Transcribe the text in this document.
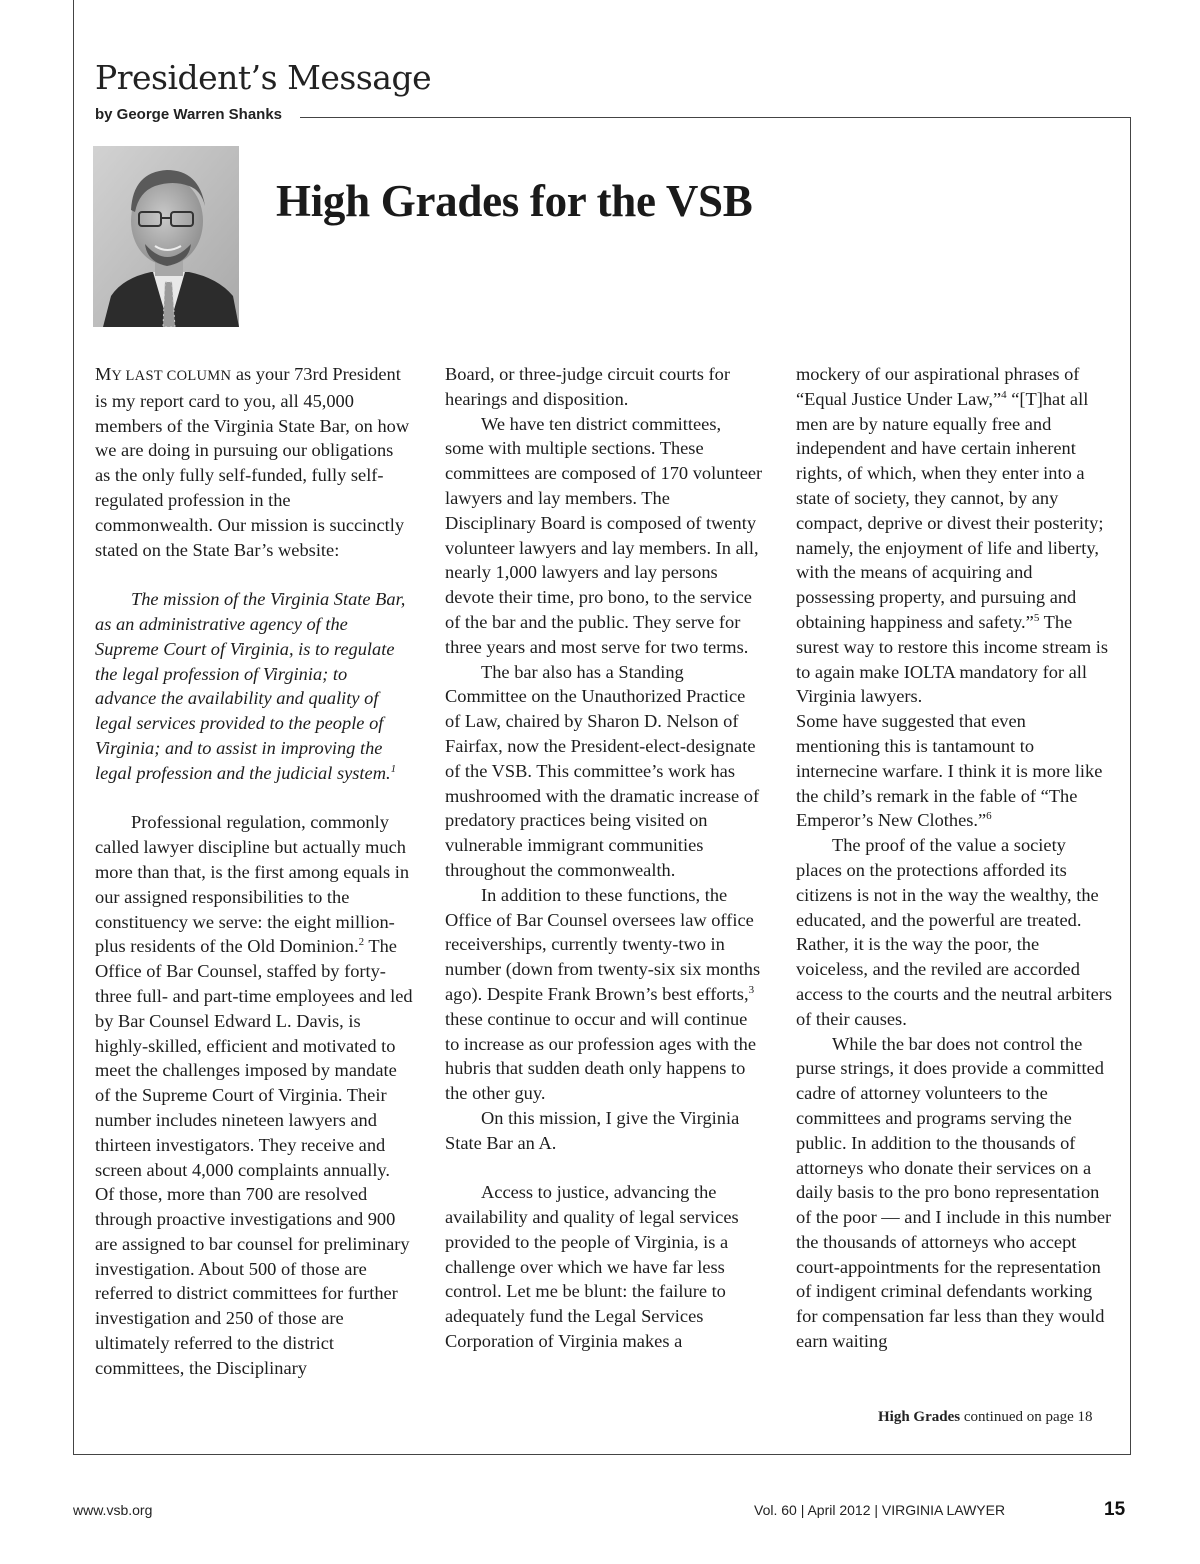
President’s Message
by George Warren Shanks
High Grades for the VSB

MY LAST COLUMN as your 73rd President is my report card to you, all 45,000 members of the Virginia State Bar, on how we are doing in pursuing our obligations as the only fully self-funded, fully self-regulated profession in the commonwealth. Our mission is succinctly stated on the State Bar’s website:

The mission of the Virginia State Bar, as an administrative agency of the Supreme Court of Virginia, is to regulate the legal profession of Virginia; to advance the availability and quality of legal services provided to the people of Virginia; and to assist in improving the legal profession and the judicial system.$^1$

Professional regulation, commonly called lawyer discipline but actually much more than that, is the first among equals in our assigned responsibilities to the constituency we serve: the eight million-plus residents of the Old Dominion.$^2$ The Office of Bar Counsel, staffed by forty-three full- and part-time employees and led by Bar Counsel Edward L. Davis, is highly-skilled, efficient and motivated to meet the challenges imposed by mandate of the Supreme Court of Virginia. Their number includes nineteen lawyers and thirteen investigators. They receive and screen about 4,000 complaints annually. Of those, more than 700 are resolved through proactive investigations and 900 are assigned to bar counsel for preliminary investigation. About 500 of those are referred to district committees for further investigation and 250 of those are ultimately referred to the district committees, the Disciplinary

Board, or three-judge circuit courts for hearings and disposition.

We have ten district committees, some with multiple sections. These committees are composed of 170 volunteer lawyers and lay members. The Disciplinary Board is composed of twenty volunteer lawyers and lay members. In all, nearly 1,000 lawyers and lay persons devote their time, pro bono, to the service of the bar and the public. They serve for three years and most serve for two terms.

The bar also has a Standing Committee on the Unauthorized Practice of Law, chaired by Sharon D. Nelson of Fairfax, now the President-elect-designate of the VSB. This committee’s work has mushroomed with the dramatic increase of predatory practices being visited on vulnerable immigrant communities throughout the commonwealth.

In addition to these functions, the Office of Bar Counsel oversees law office receiverships, currently twenty-two in number (down from twenty-six six months ago). Despite Frank Brown’s best efforts,$^3$ these continue to occur and will continue to increase as our profession ages with the hubris that sudden death only happens to the other guy.

On this mission, I give the Virginia State Bar an A.

Access to justice, advancing the availability and quality of legal services provided to the people of Virginia, is a challenge over which we have far less control. Let me be blunt: the failure to adequately fund the Legal Services Corporation of Virginia makes a

mockery of our aspirational phrases of “Equal Justice Under Law,”$^4$ “[T]hat all men are by nature equally free and independent and have certain inherent rights, of which, when they enter into a state of society, they cannot, by any compact, deprive or divest their posterity; namely, the enjoyment of life and liberty, with the means of acquiring and possessing property, and pursuing and obtaining happiness and safety.”$^5$ The surest way to restore this income stream is to again make IOLTA mandatory for all Virginia lawyers.

Some have suggested that even mentioning this is tantamount to internecine warfare. I think it is more like the child’s remark in the fable of “The Emperor’s New Clothes.”$^6$

The proof of the value a society places on the protections afforded its citizens is not in the way the wealthy, the educated, and the powerful are treated. Rather, it is the way the poor, the voiceless, and the reviled are accorded access to the courts and the neutral arbiters of their causes.

While the bar does not control the purse strings, it does provide a committed cadre of attorney volunteers to the committees and programs serving the public. In addition to the thousands of attorneys who donate their services on a daily basis to the pro bono representation of the poor — and I include in this number the thousands of attorneys who accept court-appointments for the representation of indigent criminal defendants working for compensation far less than they would earn waiting

High Grades continued on page 18
www.vsb.org	Vol. 60 | April 2012 | VIRGINIA LAWYER	15
